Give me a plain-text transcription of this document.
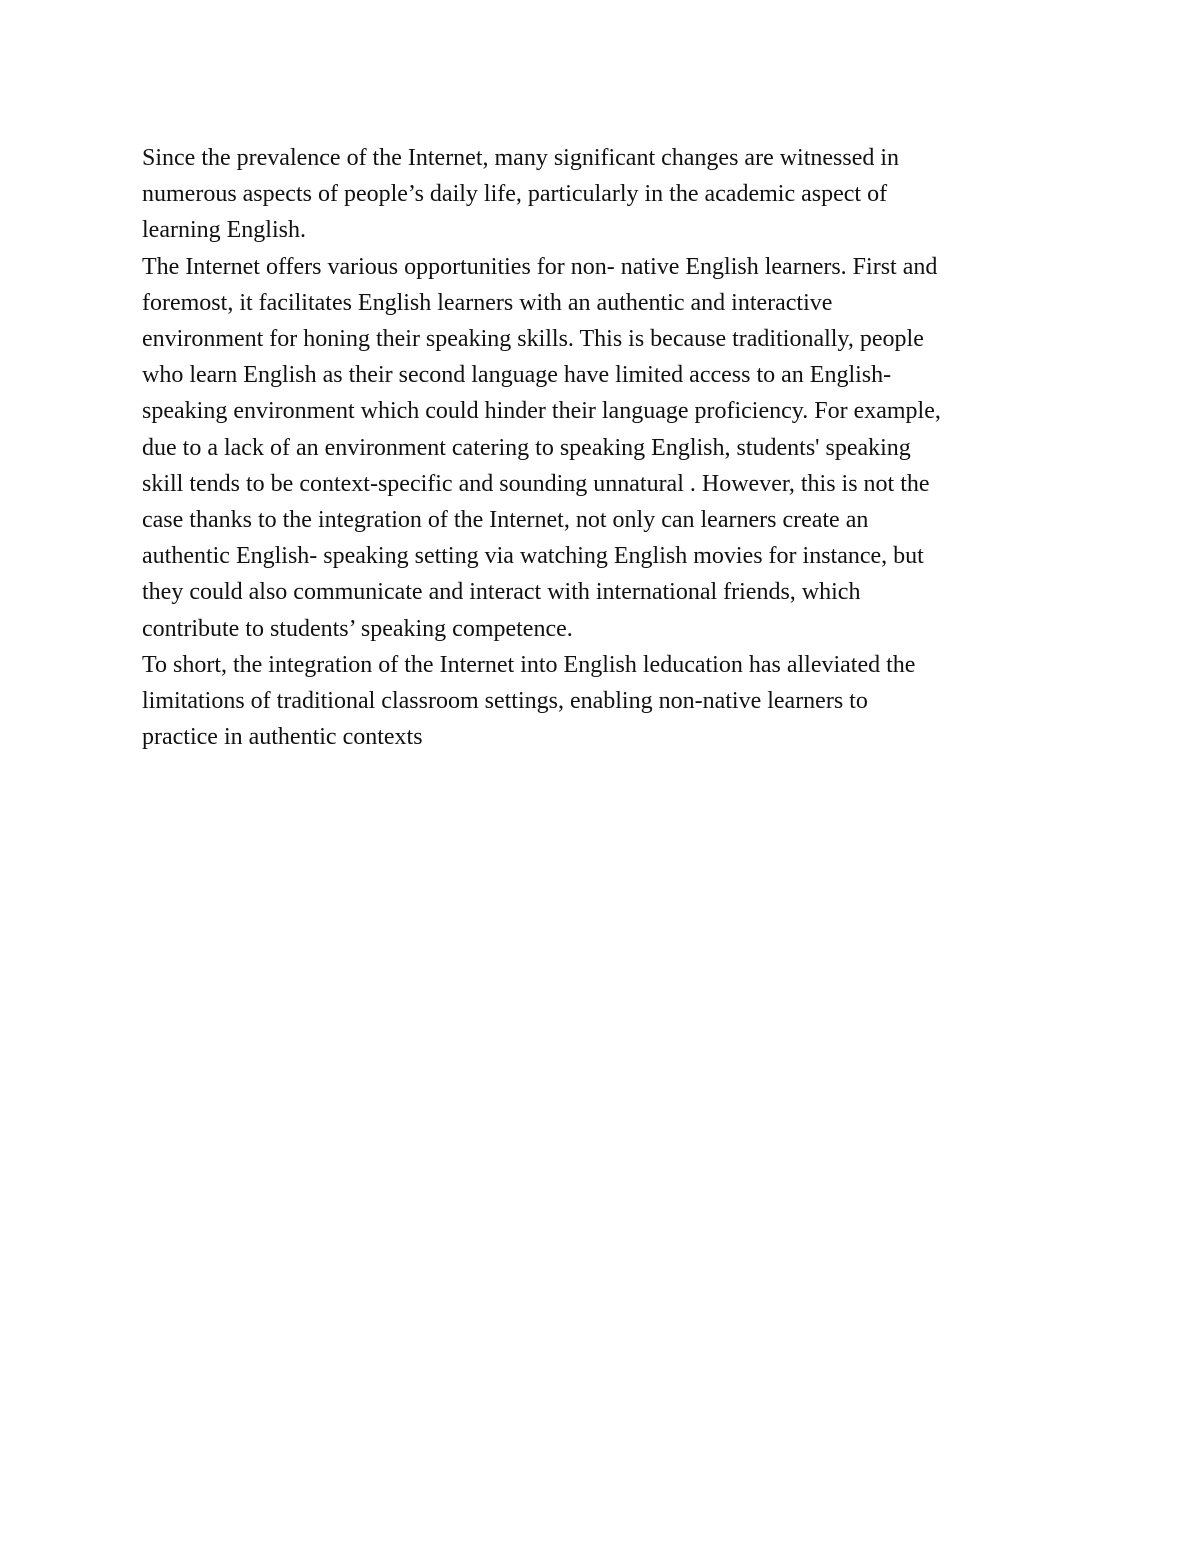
Since the prevalence of the Internet, many significant changes are witnessed in
numerous aspects of people’s daily life, particularly in the academic aspect of
learning English.

The Internet offers various opportunities for non- native English learners. First and
foremost, it facilitates English learners with an authentic and interactive
environment for honing their speaking skills. This is because traditionally, people
who learn English as their second language have limited access to an English-
speaking environment which could hinder their language proficiency. For example,
due to a lack of an environment catering to speaking English, students' speaking
skill tends to be context-specific and sounding unnatural . However, this is not the
case thanks to the integration of the Internet, not only can learners create an
authentic English- speaking setting via watching English movies for instance, but
they could also communicate and interact with international friends, which
contribute to students’ speaking competence.

To short, the integration of the Internet into English leducation has alleviated the
limitations of traditional classroom settings, enabling non-native learners to
practice in authentic contexts
